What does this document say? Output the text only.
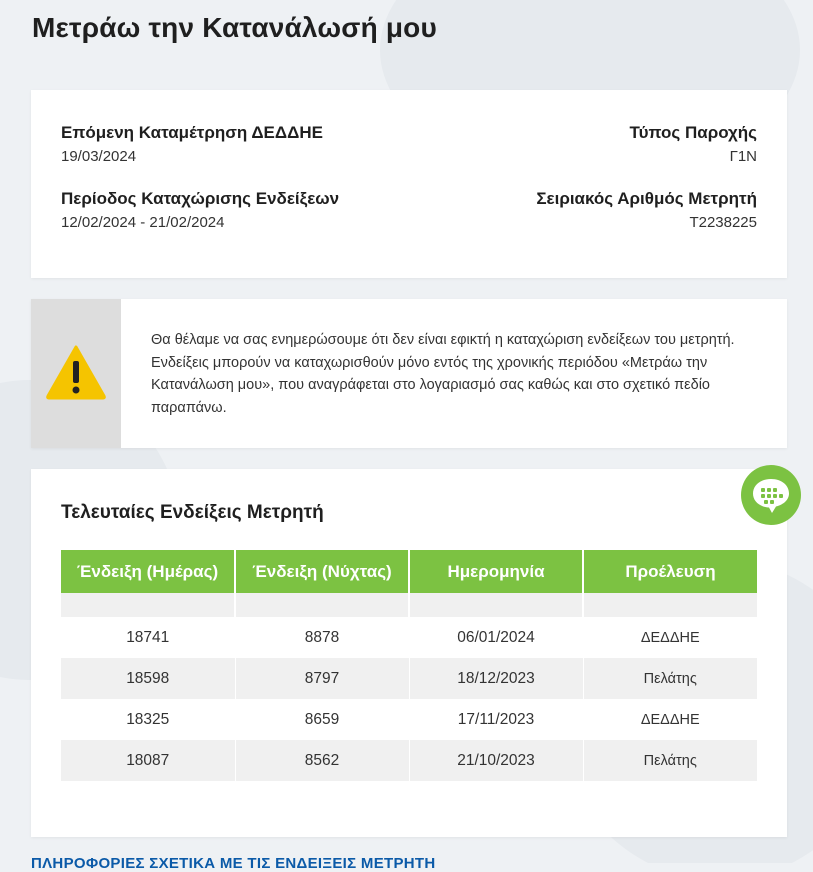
Μετράω την Κατανάλωσή μου
Επόμενη Καταμέτρηση ΔΕΔΔΗΕ
19/03/2024
Τύπος Παροχής
Γ1Ν
Περίοδος Καταχώρισης Ενδείξεων
12/02/2024 - 21/02/2024
Σειριακός Αριθμός Μετρητή
Τ2238225
Θα θέλαμε να σας ενημερώσουμε ότι δεν είναι εφικτή η καταχώριση ενδείξεων του μετρητή. Ενδείξεις μπορούν να καταχωρισθούν μόνο εντός της χρονικής περιόδου «Μετράω την Κατανάλωση μου», που αναγράφεται στο λογαριασμό σας καθώς και στο σχετικό πεδίο παραπάνω.
Τελευταίες Ενδείξεις Μετρητή
Ένδειξη (Ημέρας)	Ένδειξη (Νύχτας)	Ημερομηνία	Προέλευση

18741	8878	06/01/2024	ΔΕΔΔΗΕ
18598	8797	18/12/2023	Πελάτης
18325	8659	17/11/2023	ΔΕΔΔΗΕ
18087	8562	21/10/2023	Πελάτης
ΠΛΗΡΟΦΟΡΙΕΣ ΣΧΕΤΙΚΑ ΜΕ ΤΙΣ ΕΝΔΕΙΞΕΙΣ ΜΕΤΡΗΤΗ
